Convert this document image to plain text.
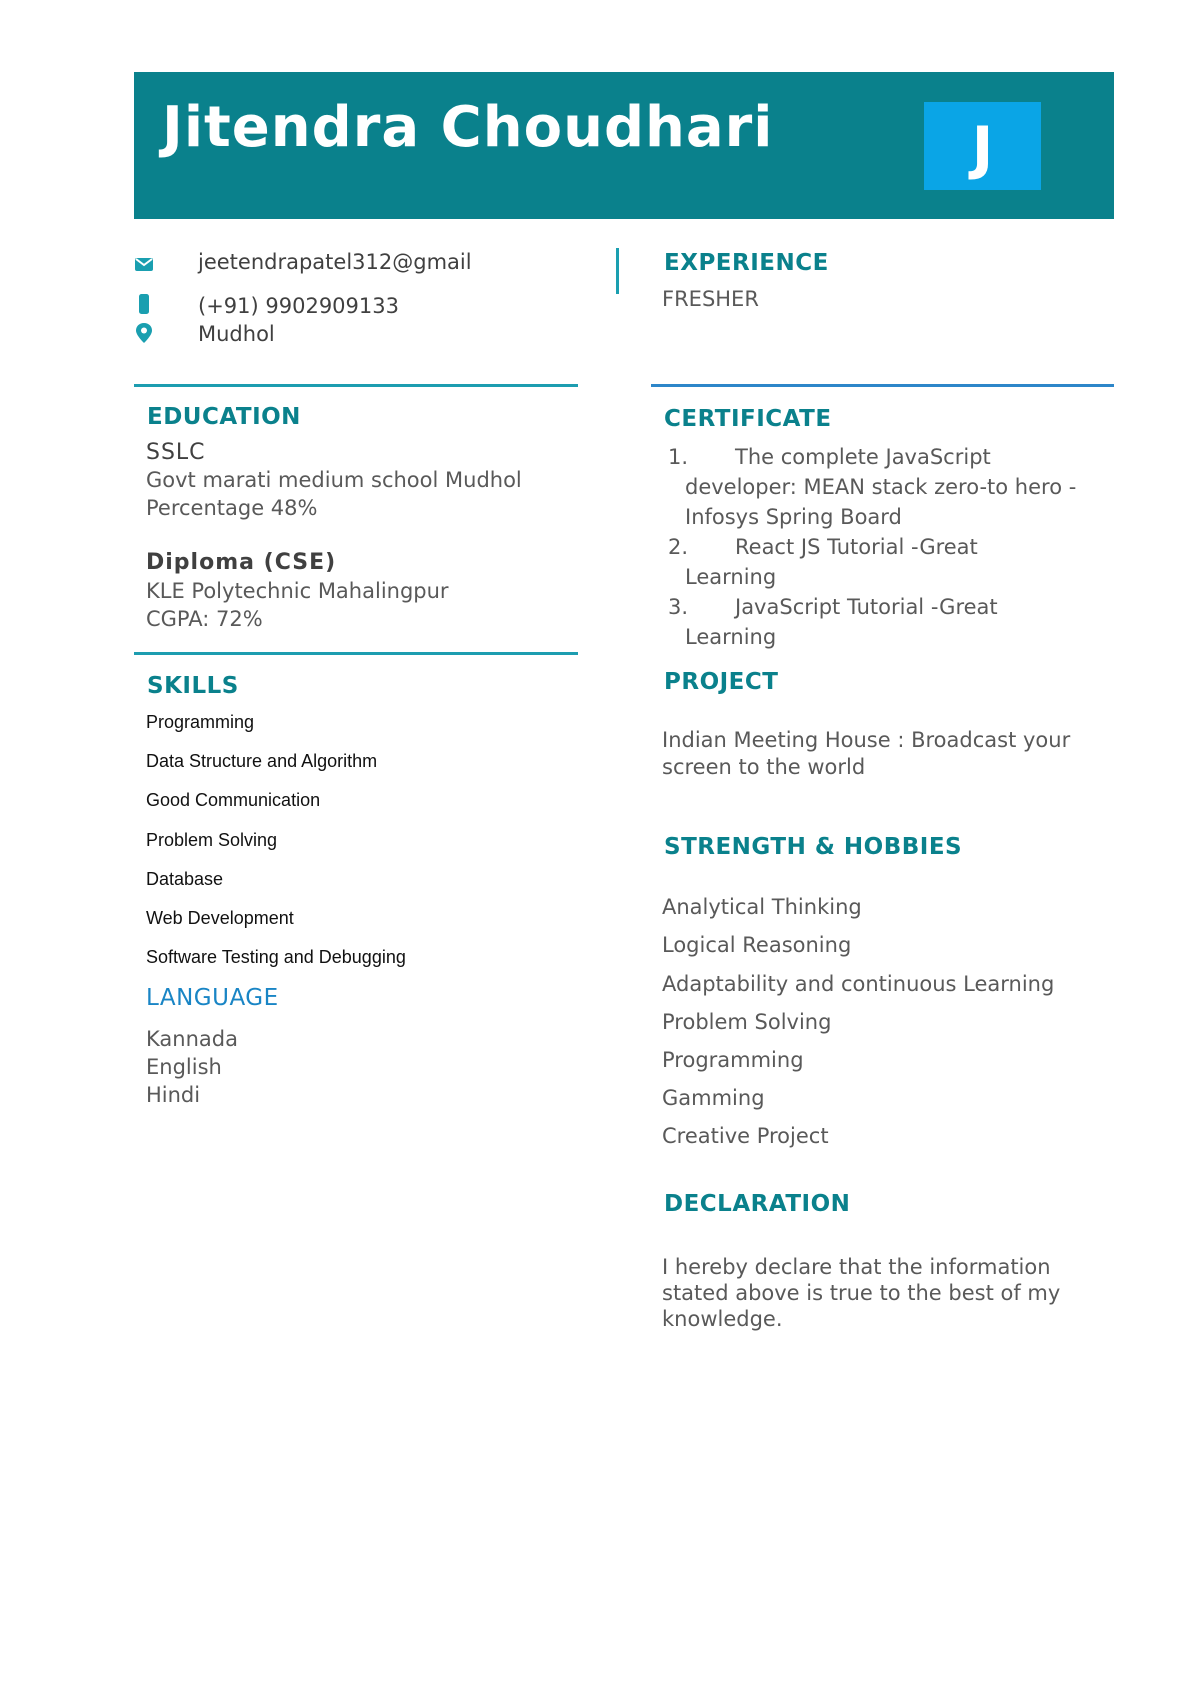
Jitendra Choudhari	J
jeetendrapatel312@gmail
(+91) 9902909133
Mudhol
EXPERIENCE
FRESHER
EDUCATION
SSLC
Govt marati medium school Mudhol
Percentage 48%
Diploma (CSE)
KLE Polytechnic Mahalingpur
CGPA: 72%
CERTIFICATE
1. The complete JavaScript
developer: MEAN stack zero-to hero -
Infosys Spring Board
2. React JS Tutorial -Great
Learning
3. JavaScript Tutorial -Great
Learning
SKILLS
Programming
Data Structure and Algorithm
Good Communication
Problem Solving
Database
Web Development
Software Testing and Debugging
PROJECT
Indian Meeting House : Broadcast your
screen to the world
LANGUAGE
Kannada
English
Hindi
STRENGTH & HOBBIES
Analytical Thinking
Logical Reasoning
Adaptability and continuous Learning
Problem Solving
Programming
Gamming
Creative Project
DECLARATION
I hereby declare that the information
stated above is true to the best of my
knowledge.
